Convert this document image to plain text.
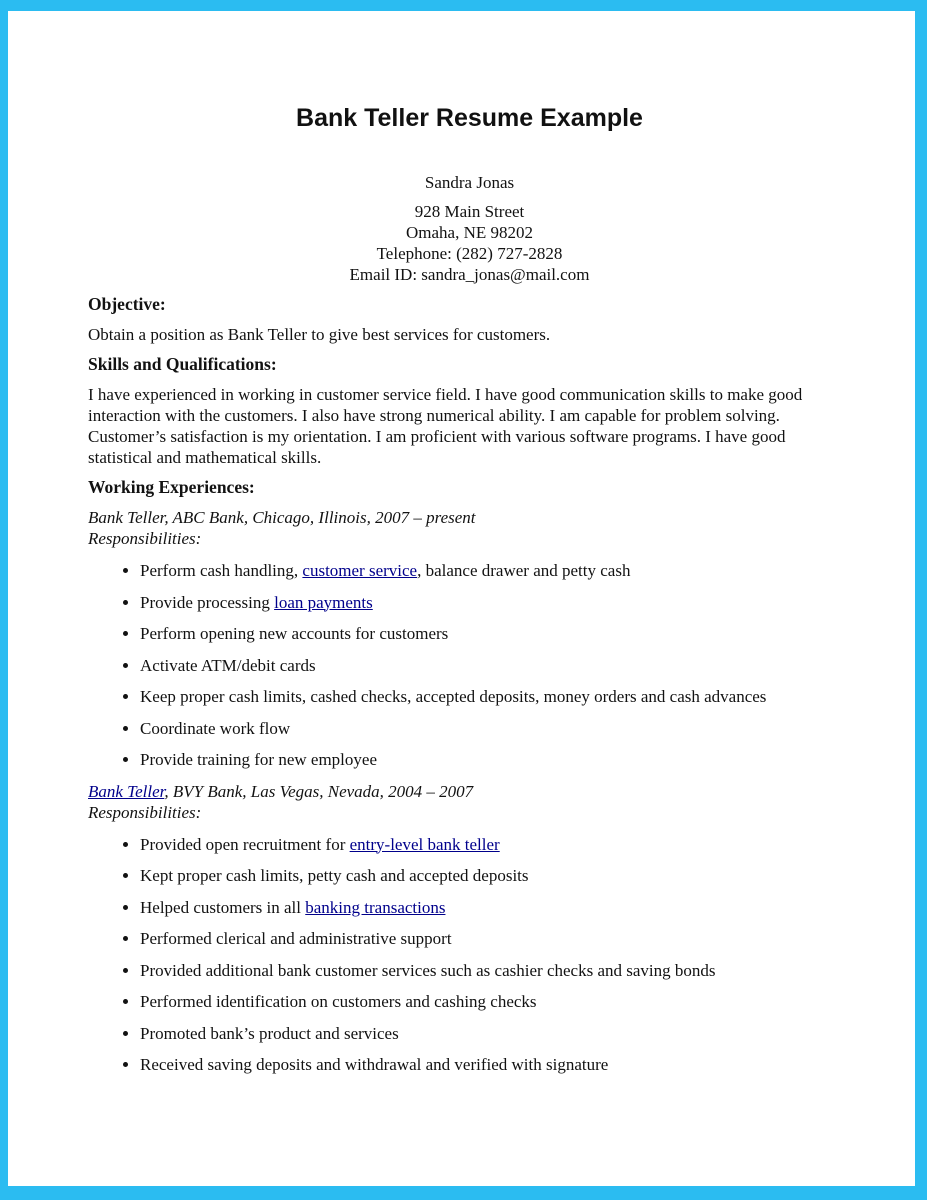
Bank Teller Resume Example

Sandra Jonas

928 Main Street

Omaha, NE 98202

Telephone: (282) 727-2828

Email ID: sandra_jonas@mail.com

Objective:

Obtain a position as Bank Teller to give best services for customers.

Skills and Qualifications:

I have experienced in working in customer service field. I have good communication skills to make good interaction with the customers. I also have strong numerical ability. I am capable for problem solving. Customer’s satisfaction is my orientation. I am proficient with various software programs. I have good statistical and mathematical skills.

Working Experiences:

Bank Teller, ABC Bank, Chicago, Illinois, 2007 – present

Responsibilities:

• Perform cash handling, customer service, balance drawer and petty cash
• Provide processing loan payments
• Perform opening new accounts for customers
• Activate ATM/debit cards
• Keep proper cash limits, cashed checks, accepted deposits, money orders and cash advances
• Coordinate work flow
• Provide training for new employee

Bank Teller, BVY Bank, Las Vegas, Nevada, 2004 – 2007

Responsibilities:

• Provided open recruitment for entry-level bank teller
• Kept proper cash limits, petty cash and accepted deposits
• Helped customers in all banking transactions
• Performed clerical and administrative support
• Provided additional bank customer services such as cashier checks and saving bonds
• Performed identification on customers and cashing checks
• Promoted bank’s product and services
• Received saving deposits and withdrawal and verified with signature
